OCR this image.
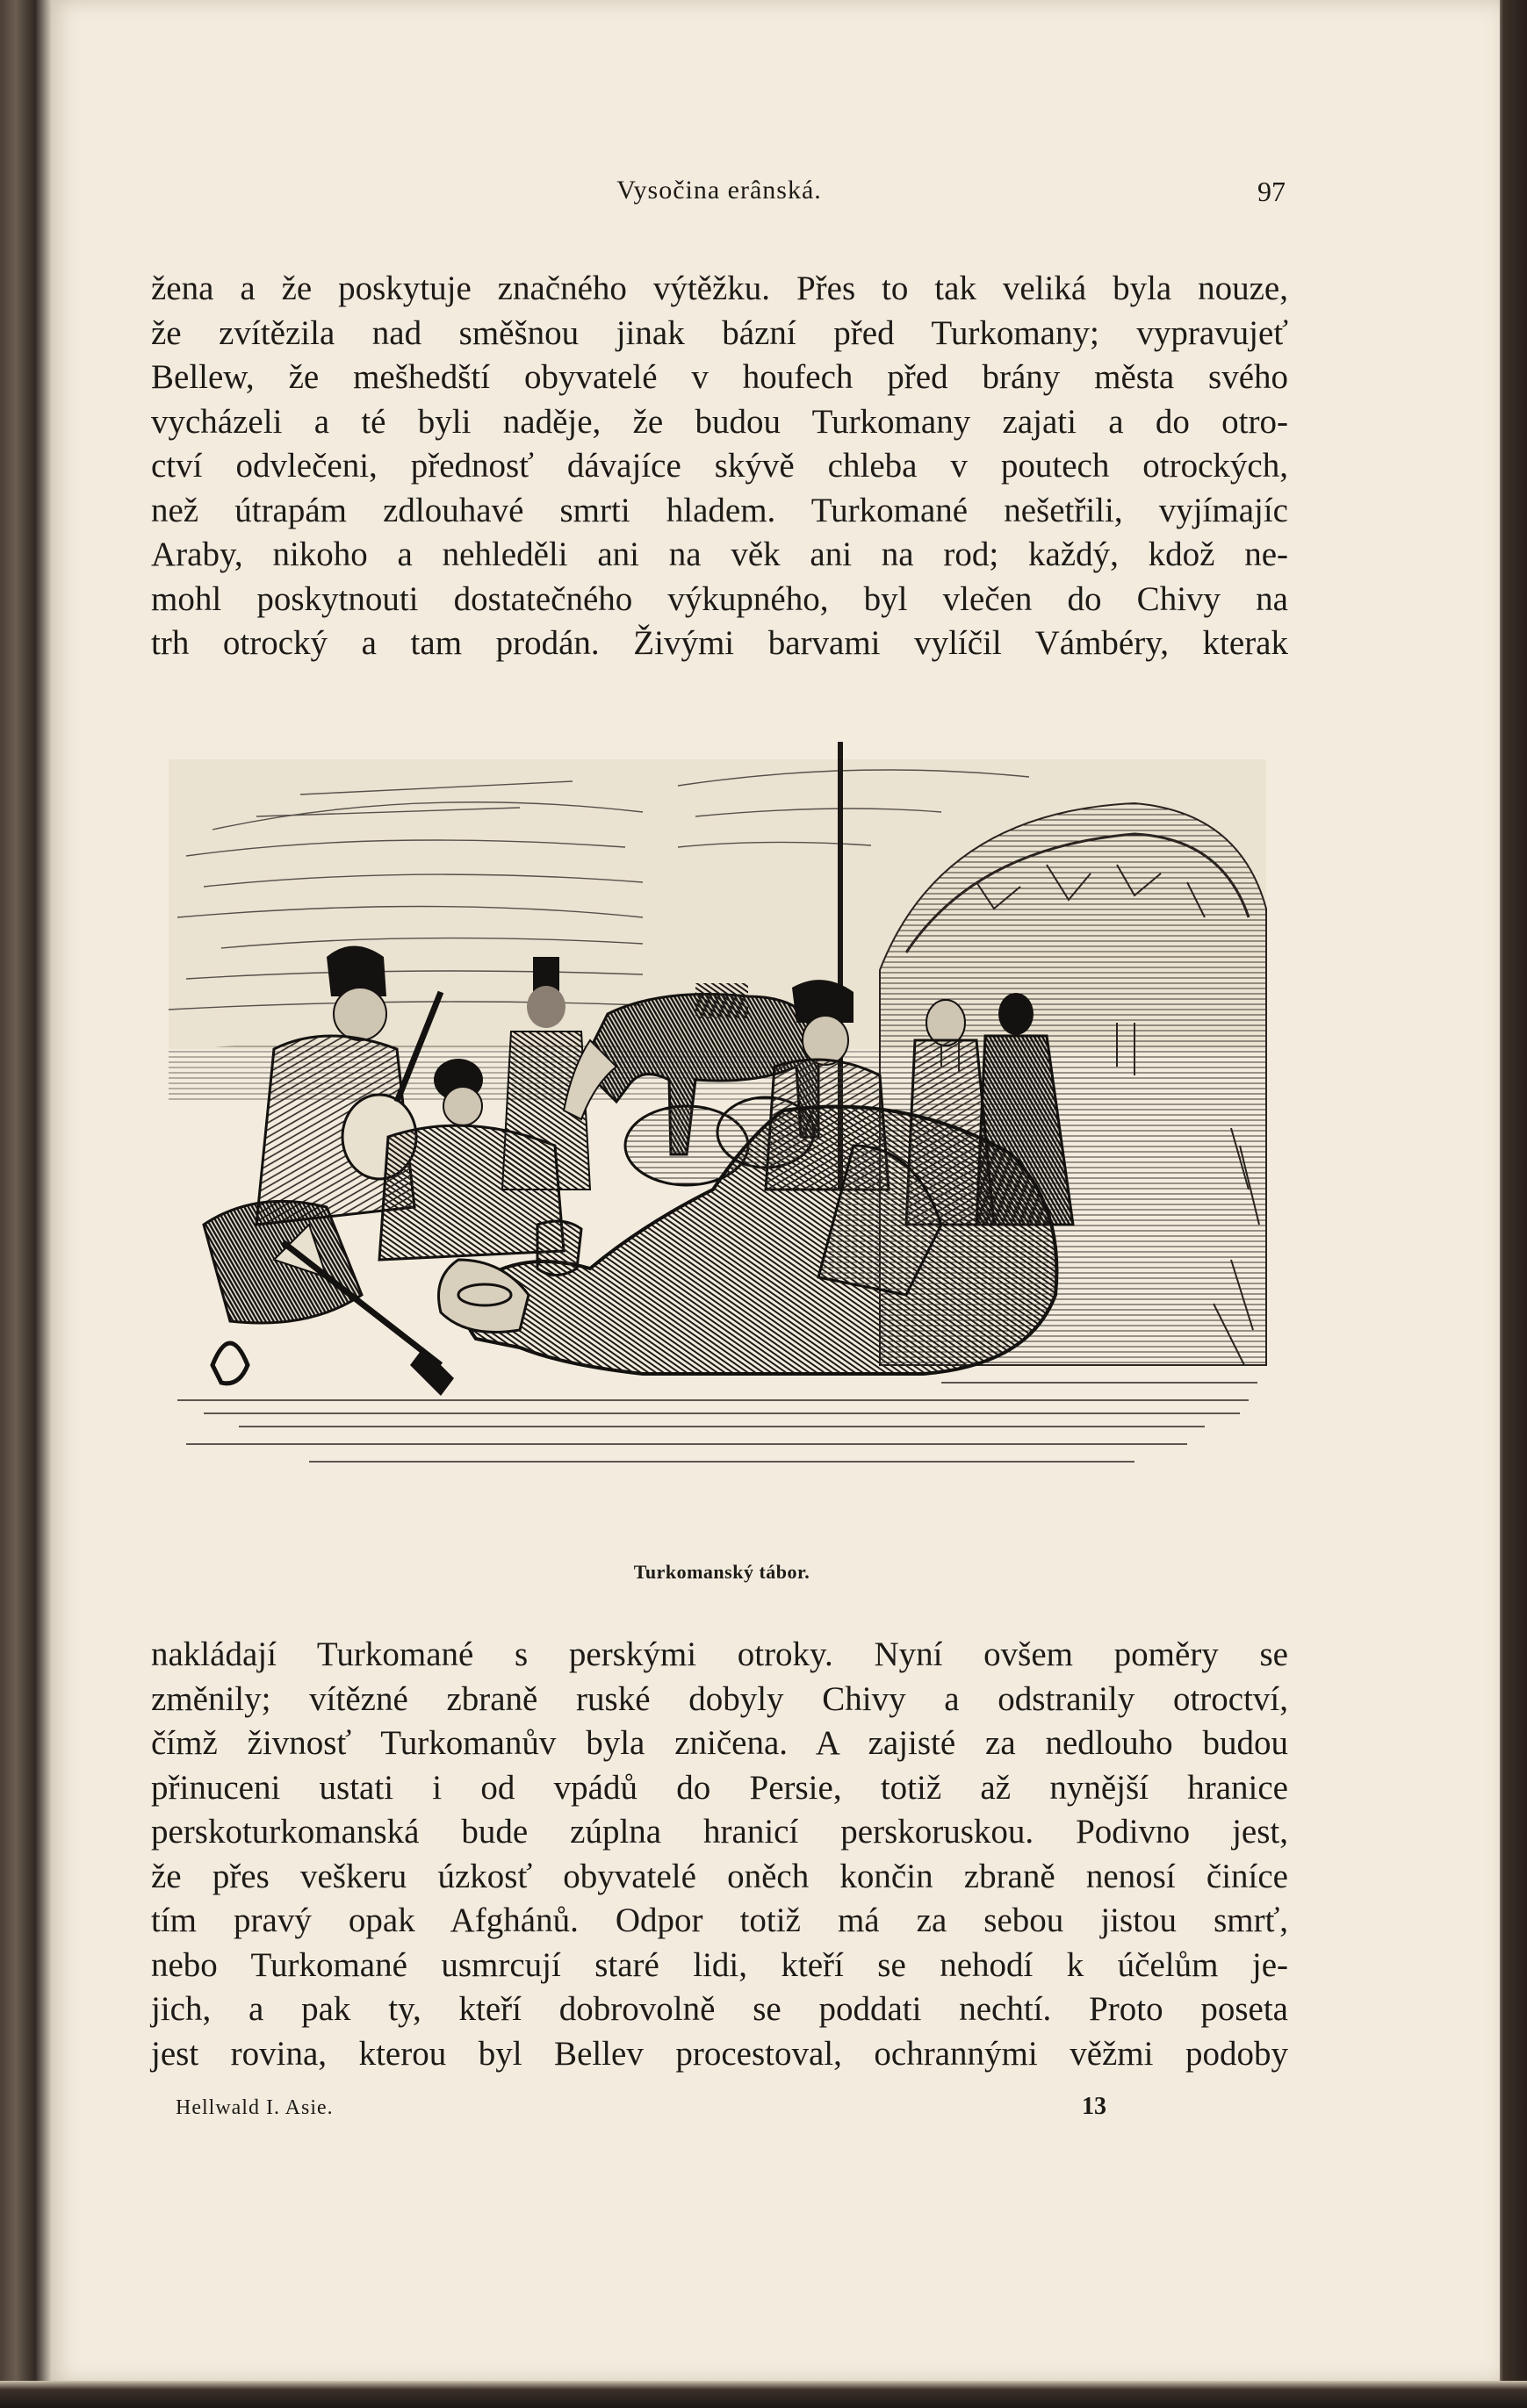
Vysočina erânská.	97
žena a že poskytuje značného výtěžku. Přes to tak veliká byla nouze,
že zvítězila nad směšnou jinak bázní před Turkomany; vypravujeť
Bellew, že mešhedští obyvatelé v houfech před brány města svého
vycházeli a té byli naděje, že budou Turkomany zajati a do otro-
ctví odvlečeni, přednosť dávajíce skývě chleba v poutech otrockých,
než útrapám zdlouhavé smrti hladem. Turkomané nešetřili, vyjímajíc
Araby, nikoho a nehleděli ani na věk ani na rod; každý, kdož ne-
mohl poskytnouti dostatečného výkupného, byl vlečen do Chivy na
trh otrocký a tam prodán. Živými barvami vylíčil Vámbéry, kterak
Turkomanský tábor.
nakládají Turkomané s perskými otroky. Nyní ovšem poměry se
změnily; vítězné zbraně ruské dobyly Chivy a odstranily otroctví,
čímž živnosť Turkomanův byla zničena. A zajisté za nedlouho budou
přinuceni ustati i od vpádů do Persie, totiž až nynější hranice
perskoturkomanská bude zúplna hranicí perskoruskou. Podivno jest,
že přes veškeru úzkosť obyvatelé oněch končin zbraně nenosí činíce
tím pravý opak Afghánů. Odpor totiž má za sebou jistou smrť,
nebo Turkomané usmrcují staré lidi, kteří se nehodí k účelům je-
jich, a pak ty, kteří dobrovolně se poddati nechtí. Proto poseta
jest rovina, kterou byl Bellev procestoval, ochrannými věžmi podoby
Hellwald I. Asie.	13
